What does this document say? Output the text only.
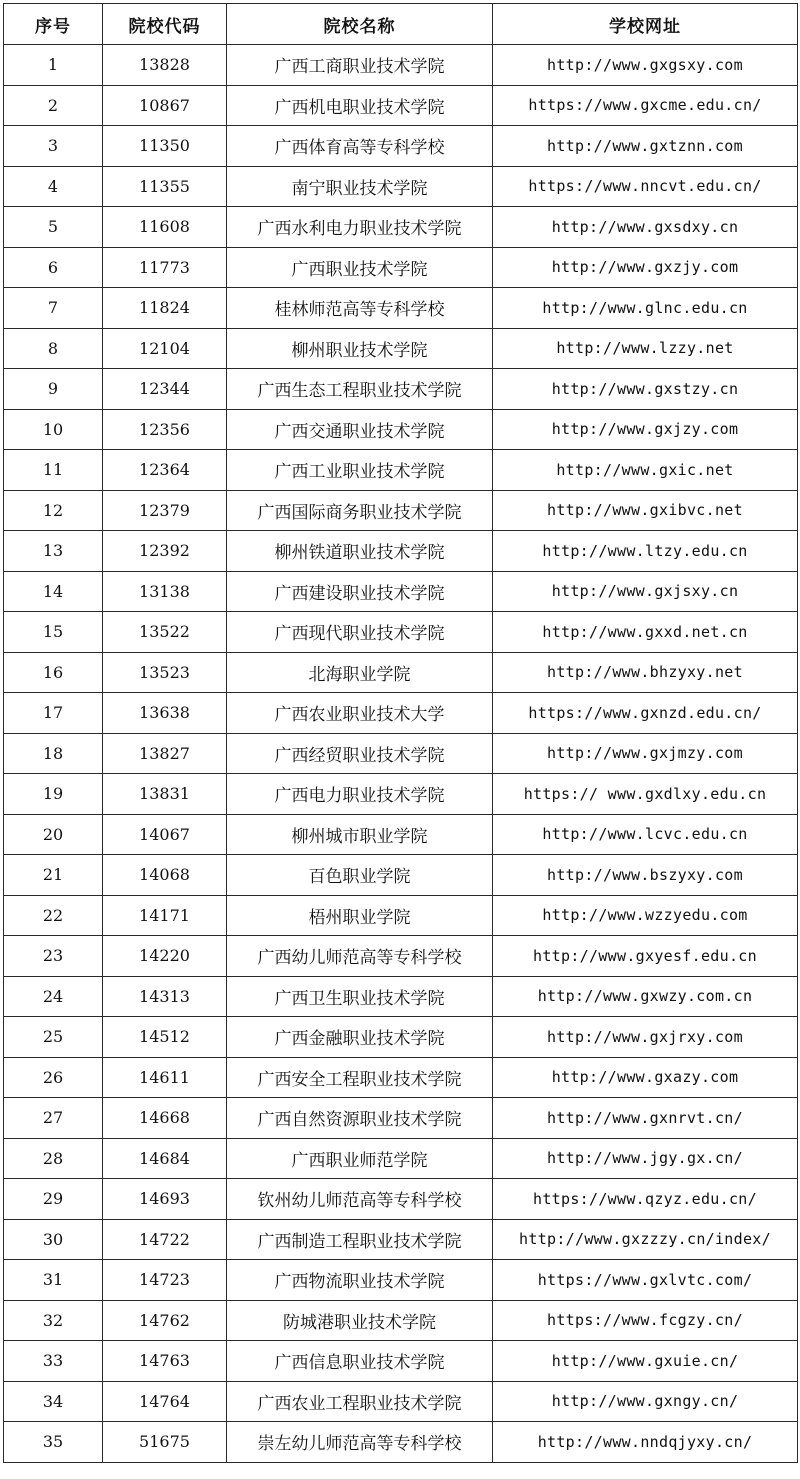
序号	院校代码	院校名称	学校网址
1	13828	广西工商职业技术学院	http://www.gxgsxy.com
2	10867	广西机电职业技术学院	https://www.gxcme.edu.cn/
3	11350	广西体育高等专科学校	http://www.gxtznn.com
4	11355	南宁职业技术学院	https://www.nncvt.edu.cn/
5	11608	广西水利电力职业技术学院	http://www.gxsdxy.cn
6	11773	广西职业技术学院	http://www.gxzjy.com
7	11824	桂林师范高等专科学校	http://www.glnc.edu.cn
8	12104	柳州职业技术学院	http://www.lzzy.net
9	12344	广西生态工程职业技术学院	http://www.gxstzy.cn
10	12356	广西交通职业技术学院	http://www.gxjzy.com
11	12364	广西工业职业技术学院	http://www.gxic.net
12	12379	广西国际商务职业技术学院	http://www.gxibvc.net
13	12392	柳州铁道职业技术学院	http://www.ltzy.edu.cn
14	13138	广西建设职业技术学院	http://www.gxjsxy.cn
15	13522	广西现代职业技术学院	http://www.gxxd.net.cn
16	13523	北海职业学院	http://www.bhzyxy.net
17	13638	广西农业职业技术大学	https://www.gxnzd.edu.cn/
18	13827	广西经贸职业技术学院	http://www.gxjmzy.com
19	13831	广西电力职业技术学院	https:// www.gxdlxy.edu.cn
20	14067	柳州城市职业学院	http://www.lcvc.edu.cn
21	14068	百色职业学院	http://www.bszyxy.com
22	14171	梧州职业学院	http://www.wzzyedu.com
23	14220	广西幼儿师范高等专科学校	http://www.gxyesf.edu.cn
24	14313	广西卫生职业技术学院	http://www.gxwzy.com.cn
25	14512	广西金融职业技术学院	http://www.gxjrxy.com
26	14611	广西安全工程职业技术学院	http://www.gxazy.com
27	14668	广西自然资源职业技术学院	http://www.gxnrvt.cn/
28	14684	广西职业师范学院	http://www.jgy.gx.cn/
29	14693	钦州幼儿师范高等专科学校	https://www.qzyz.edu.cn/
30	14722	广西制造工程职业技术学院	http://www.gxzzzy.cn/index/
31	14723	广西物流职业技术学院	https://www.gxlvtc.com/
32	14762	防城港职业技术学院	https://www.fcgzy.cn/
33	14763	广西信息职业技术学院	http://www.gxuie.cn/
34	14764	广西农业工程职业技术学院	http://www.gxngy.cn/
35	51675	崇左幼儿师范高等专科学校	http://www.nndqjyxy.cn/
